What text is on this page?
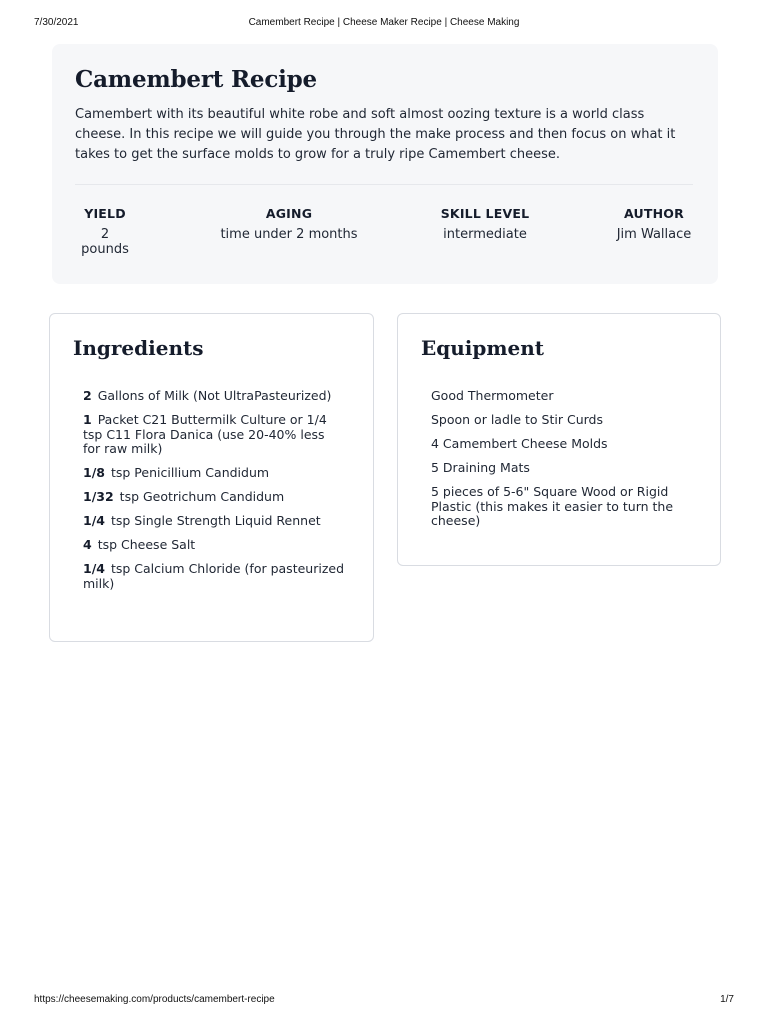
7/30/2021	Camembert Recipe | Cheese Maker Recipe | Cheese Making
Camembert Recipe

Camembert with its beautiful white robe and soft almost oozing texture is a world class cheese. In this recipe we will guide you through the make process and then focus on what it takes to get the surface molds to grow for a truly ripe Camembert cheese.

YIELD
2 pounds
AGING
time under 2 months
SKILL LEVEL
intermediate
AUTHOR
Jim Wallace
Ingredients
2 Gallons of Milk (Not UltraPasteurized)
1 Packet C21 Buttermilk Culture or 1/4 tsp C11 Flora Danica (use 20-40% less for raw milk)
1/8 tsp Penicillium Candidum
1/32 tsp Geotrichum Candidum
1/4 tsp Single Strength Liquid Rennet
4 tsp Cheese Salt
1/4 tsp Calcium Chloride (for pasteurized milk)
Equipment
Good Thermometer
Spoon or ladle to Stir Curds
4 Camembert Cheese Molds
5 Draining Mats
5 pieces of 5-6" Square Wood or Rigid Plastic (this makes it easier to turn the cheese)
https://cheesemaking.com/products/camembert-recipe	1/7
